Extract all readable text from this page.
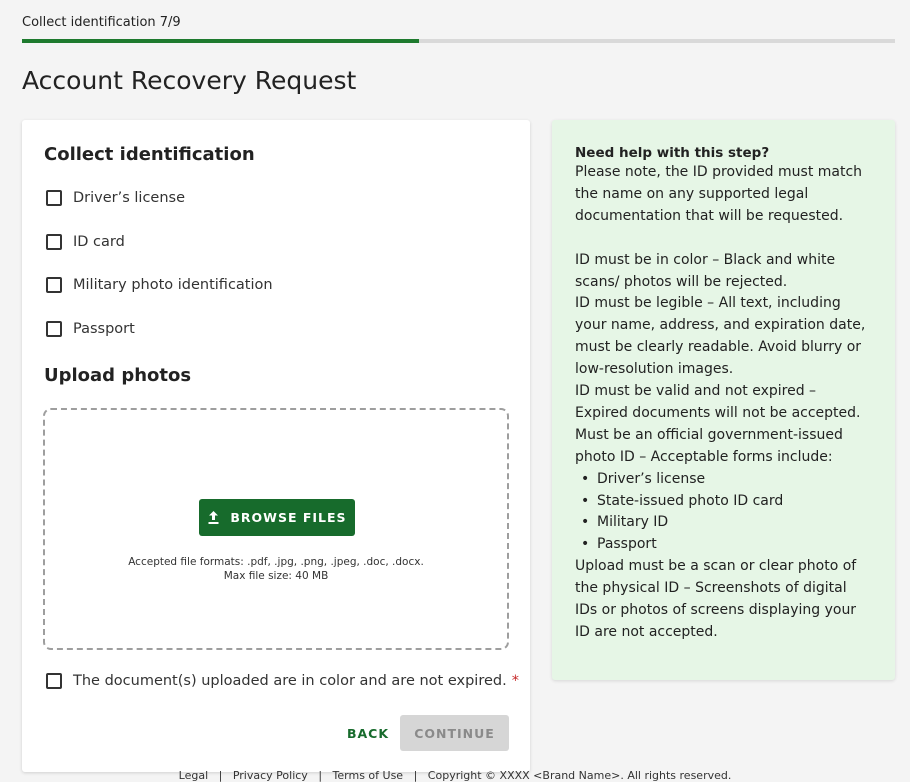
Collect identification 7/9
Account Recovery Request
Collect identification
Driver’s license
ID card
Military photo identification
Passport
Upload photos
BROWSE FILES
Accepted file formats: .pdf, .jpg, .png, .jpeg, .doc, .docx.
Max file size: 40 MB
The document(s) uploaded are in color and are not expired. *
BACK	CONTINUE

Need help with this step?

Please note, the ID provided must match the name on any supported legal documentation that will be requested.

ID must be in color – Black and white scans/ photos will be rejected.

ID must be legible – All text, including your name, address, and expiration date, must be clearly readable. Avoid blurry or low-resolution images.

ID must be valid and not expired – Expired documents will not be accepted.

Must be an official government-issued photo ID – Acceptable forms include:

• Driver’s license
• State-issued photo ID card
• Military ID
• Passport

Upload must be a scan or clear photo of the physical ID – Screenshots of digital IDs or photos of screens displaying your ID are not accepted.

Legal | Privacy Policy | Terms of Use | Copyright © XXXX <Brand Name>. All rights reserved.
